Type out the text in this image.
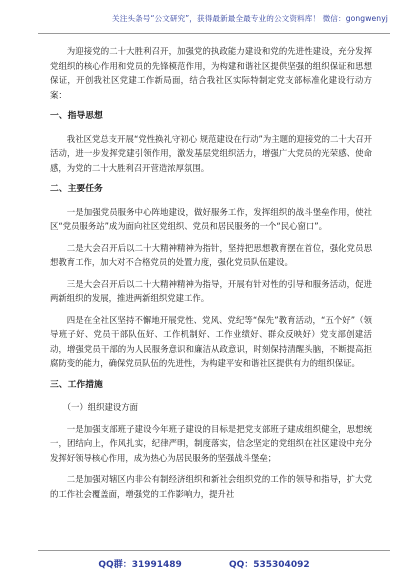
关注头条号“公文研究”，获得最新最全最专业的公文资料库！ 微信：gongwenyj

为迎接党的二十大胜利召开，加强党的执政能力建设和党的先进性建设，充分发挥党组织的核心作用和党员的先锋模范作用，为构建和谐社区提供坚强的组织保证和思想保证，开创我社区党建工作新局面，结合我社区实际特制定党支部标准化建设行动方案：

一、指导思想

我社区党总支开展“党性换礼守初心 规范建设在行动”为主题的迎接党的二十大召开活动，进一步发挥党建引领作用，激发基层党组织活力，增强广大党员的光荣感、使命感，为党的二十大胜利召开营造浓厚氛围。

二、主要任务

一是加强党员服务中心阵地建设，做好服务工作，发挥组织的战斗堡垒作用，使社区“党员服务站”成为面向社区党组织、党员和居民服务的一个“民心窗口”。

二是大会召开后以二十大精神精神为指针，坚持把思想教育摆在首位，强化党员思想教育工作，加大对不合格党员的处置力度，强化党员队伍建设。

三是大会召开后以二十大精神精神为指导，开展有针对性的引导和服务活动，促进两新组织的发展，推进两新组织党建工作。

四是在全社区坚持不懈地开展党性、党风、党纪等“保先”教育活动，“五个好”（领导班子好、党员干部队伍好、工作机制好、工作业绩好、群众反映好）党支部创建活动，增强党员干部的为人民服务意识和廉洁从政意识，时刻保持清醒头脑，不断提高拒腐防变的能力，确保党员队伍的先进性，为构建平安和谐社区提供有力的组织保证。

三、工作措施
（一）组织建设方面

一是加强支部班子建设今年班子建设的目标是把党支部班子建成组织健全，思想统一，团结向上，作风扎实，纪律严明，制度落实，信念坚定的党组织在社区建设中充分发挥好领导核心作用，成为热心为居民服务的坚强战斗堡垒；

二是加强对辖区内非公有制经济组织和新社会组织党的工作的领导和指导，扩大党的工作社会覆盖面，增强党的工作影响力，提升社

QQ群：31991489	QQ：535304092
